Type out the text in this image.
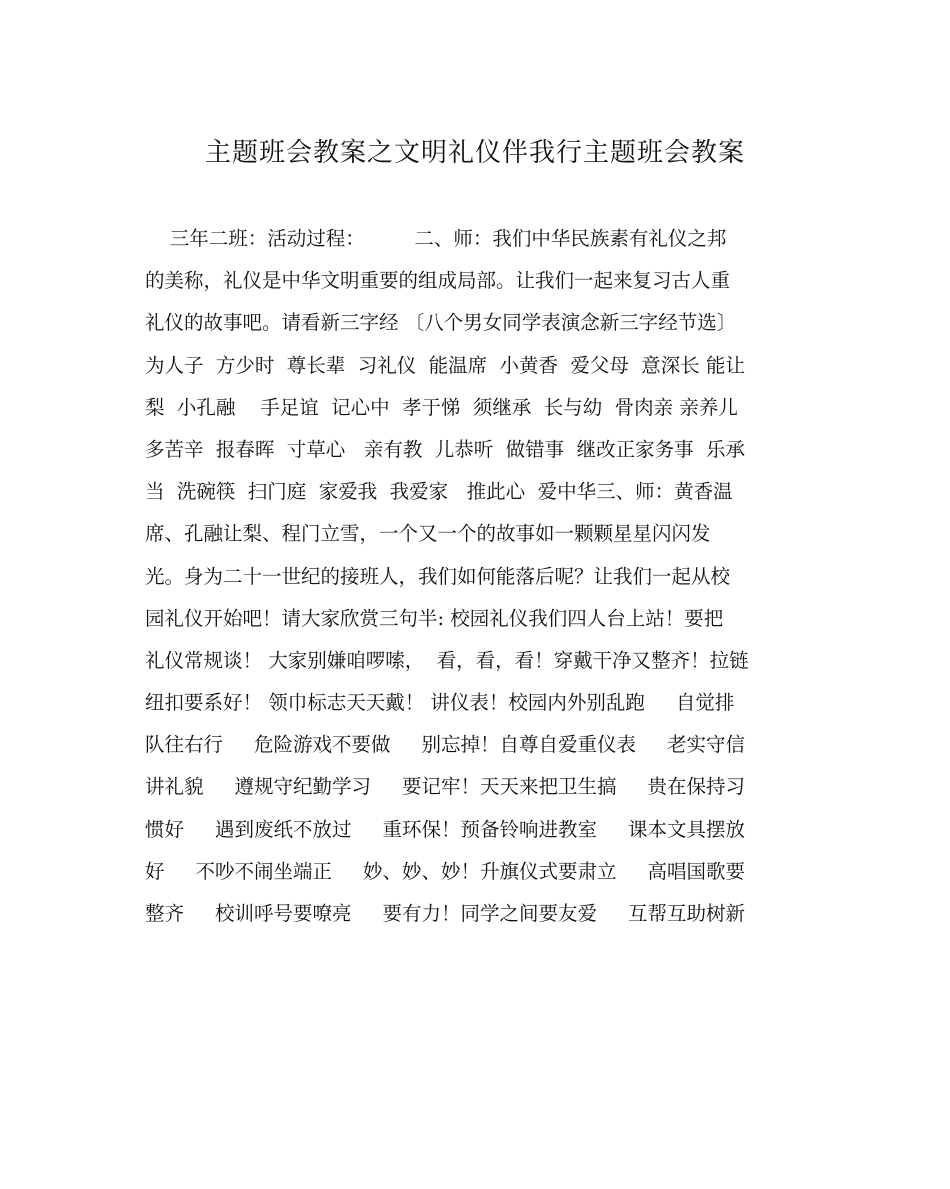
主题班会教案之文明礼仪伴我行主题班会教案
三年二班：活动过程：        二、师：我们中华民族素有礼仪之邦
的美称，礼仪是中华文明重要的组成局部。让我们一起来复习古人重
礼仪的故事吧。请看新三字经 〔八个男女同学表演念新三字经节选〕
为人子  方少时  尊长辈  习礼仪  能温席  小黄香  爱父母  意深长 能让
梨  小孔融    手足谊  记心中  孝于悌  须继承  长与幼  骨肉亲 亲养儿
多苦辛  报春晖  寸草心   亲有教  儿恭听  做错事  继改正家务事  乐承
当  洗碗筷  扫门庭  家爱我  我爱家   推此心  爱中华三、师：黄香温
席、孔融让梨、程门立雪，一个又一个的故事如一颗颗星星闪闪发
光。身为二十一世纪的接班人，我们如何能落后呢？让我们一起从校
园礼仪开始吧！请大家欣赏三句半: 校园礼仪我们四人台上站！要把
礼仪常规谈！ 大家别嫌咱啰嗦，  看，看，看！穿戴干净又整齐！拉链
纽扣要系好！ 领巾标志天天戴！ 讲仪表！校园内外别乱跑     自觉排
队往右行     危险游戏不要做     别忘掉！自尊自爱重仪表     老实守信
讲礼貌     遵规守纪勤学习     要记牢！天天来把卫生搞     贵在保持习
惯好     遇到废纸不放过     重环保！预备铃响进教室     课本文具摆放
好     不吵不闹坐端正     妙、妙、妙！升旗仪式要肃立     高唱国歌要
整齐     校训呼号要嘹亮     要有力！同学之间要友爱     互帮互助树新
